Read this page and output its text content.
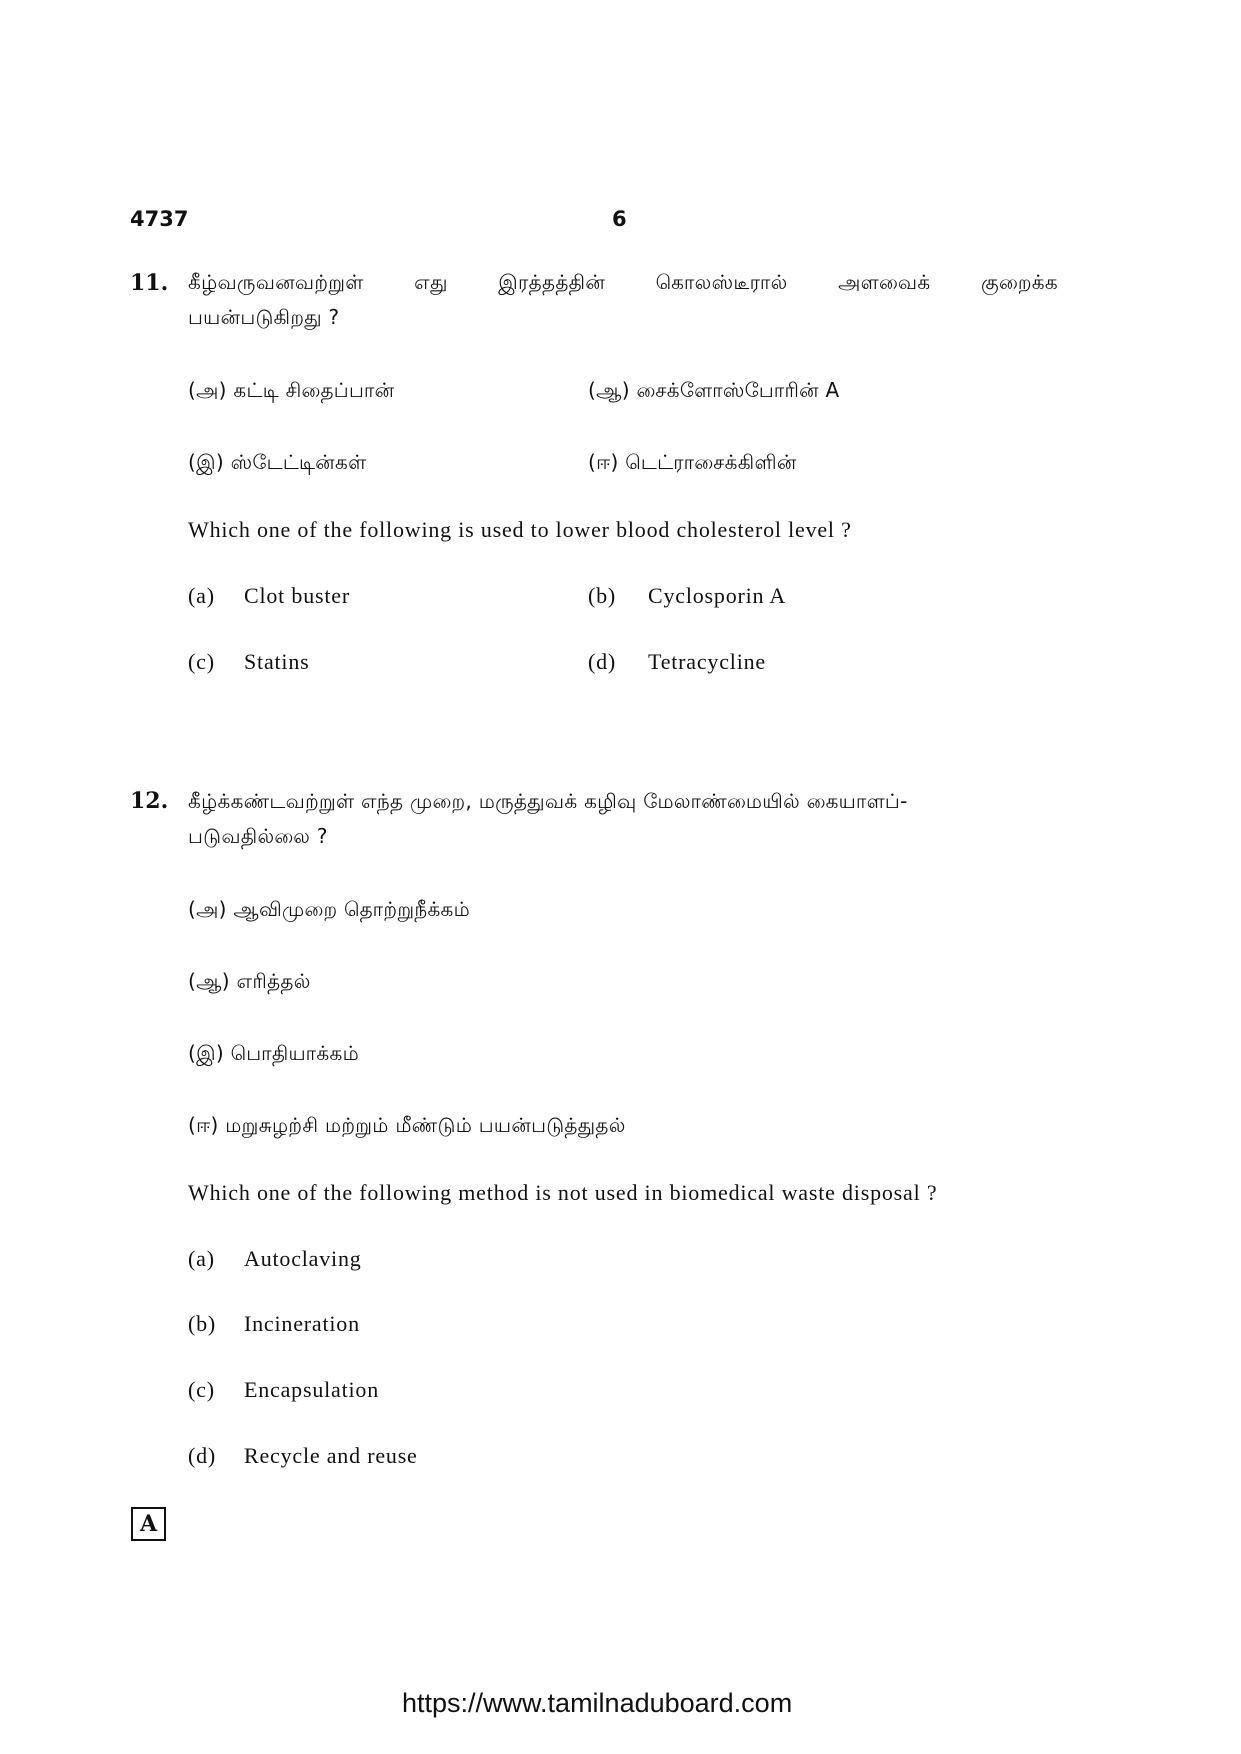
4737	6
11. கீழ்வருவனவற்றுள் எது இரத்தத்தின் கொலஸ்டீரால் அளவைக் குறைக்க
பயன்படுகிறது ?
(அ) கட்டி சிதைப்பான்	(ஆ) சைக்ளோஸ்போரின் A
(இ) ஸ்டேட்டின்கள்	(ஈ) டெட்ராசைக்கிளின்
Which one of the following is used to lower blood cholesterol level ?
(a) Clot buster	(b) Cyclosporin A
(c) Statins	(d) Tetracycline
12. கீழ்க்கண்டவற்றுள் எந்த முறை, மருத்துவக் கழிவு மேலாண்மையில் கையாளப்-
படுவதில்லை ?
(அ) ஆவிமுறை தொற்றுநீக்கம்
(ஆ) எரித்தல்
(இ) பொதியாக்கம்
(ஈ) மறுசுழற்சி மற்றும் மீண்டும் பயன்படுத்துதல்
Which one of the following method is not used in biomedical waste disposal ?
(a) Autoclaving
(b) Incineration
(c) Encapsulation
(d) Recycle and reuse
A
https://www.tamilnaduboard.com
